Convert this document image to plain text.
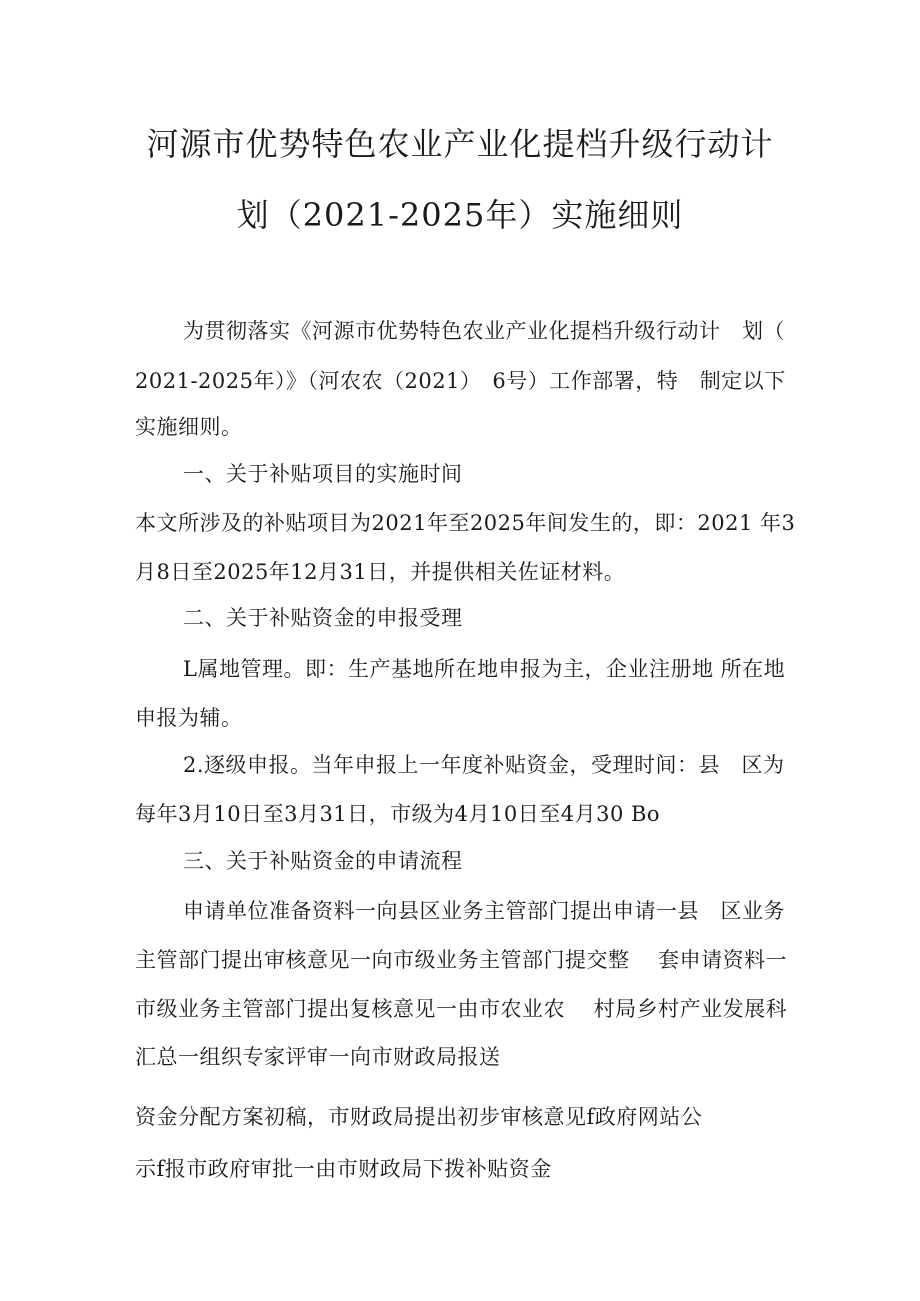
河源市优势特色农业产业化提档升级行动计
划（2021-2025年）实施细则
为贯彻落实《河源市优势特色农业产业化提档升级行动计　划（
2021-2025年）》（河农农（2021）　6号）工作部署，特　制定以下
实施细则。
一、关于补贴项目的实施时间
本文所涉及的补贴项目为2021年至2025年间发生的，即：2021 年3
月8日至2025年12月31日，并提供相关佐证材料。
二、关于补贴资金的申报受理
L属地管理。即：生产基地所在地申报为主，企业注册地 所在地
申报为辅。
2.逐级申报。当年申报上一年度补贴资金，受理时间：县　区为
每年3月10日至3月31日，市级为4月10日至4月30 Bo
三、关于补贴资金的申请流程
申请单位准备资料一向县区业务主管部门提出申请一县　区业务
主管部门提出审核意见一向市级业务主管部门提交整　 套申请资料一
市级业务主管部门提出复核意见一由市农业农　 村局乡村产业发展科
汇总一组织专家评审一向市财政局报送
资金分配方案初稿，市财政局提出初步审核意见f政府网站公
示f报市政府审批一由市财政局下拨补贴资金
